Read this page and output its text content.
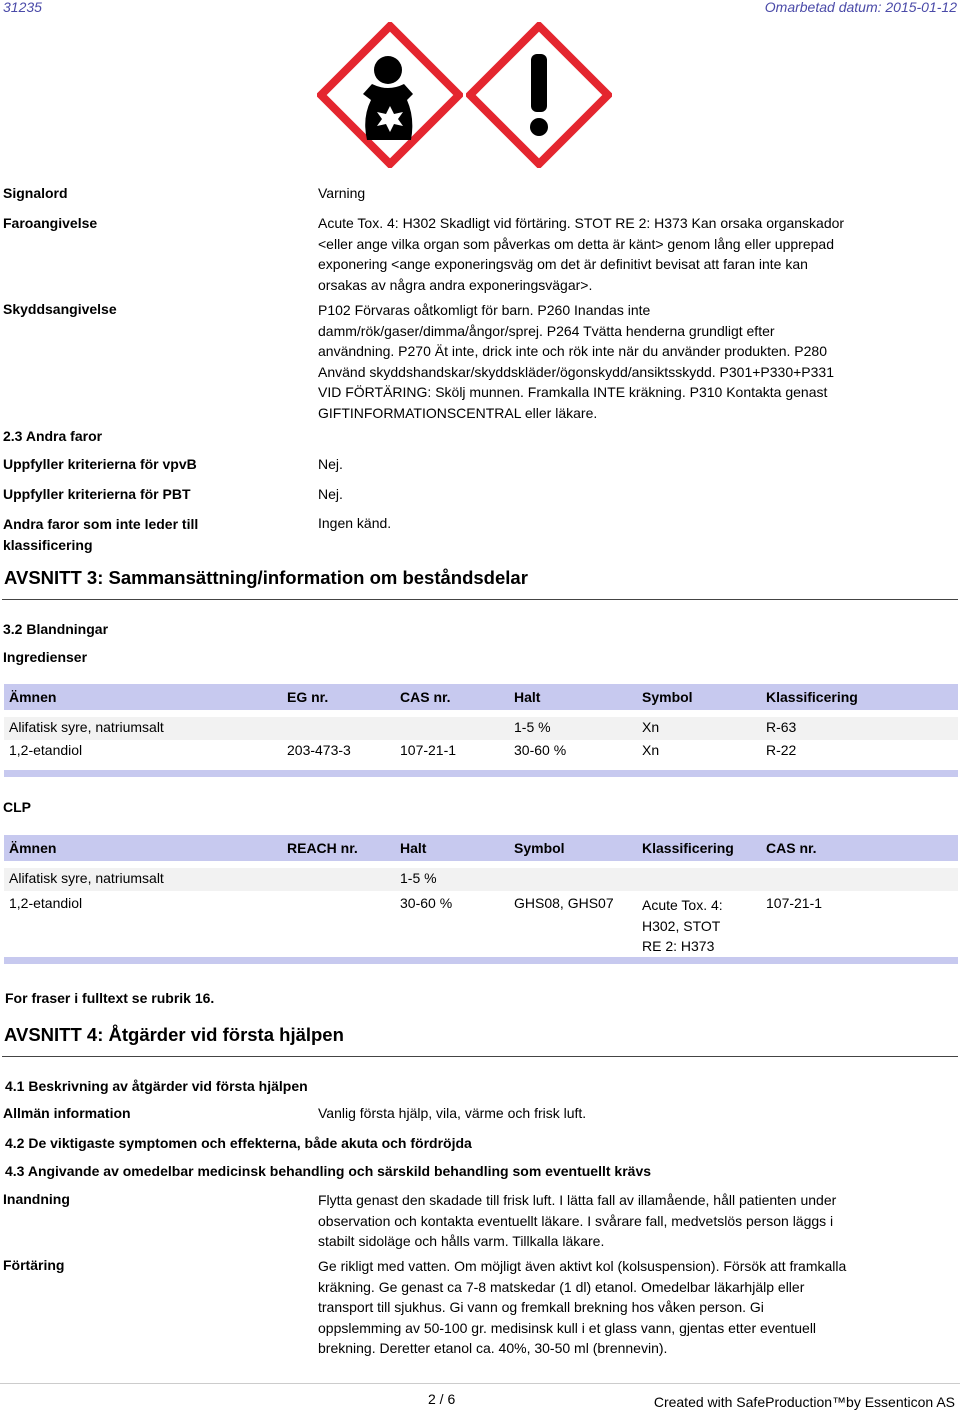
31235	Omarbetad datum: 2015-01-12
Signalord	Varning
Faroangivelse	Acute Tox. 4: H302 Skadligt vid förtäring. STOT RE 2: H373 Kan orsaka organskador
<eller ange vilka organ som påverkas om detta är känt> genom lång eller upprepad
exponering <ange exponeringsväg om det är definitivt bevisat att faran inte kan
orsakas av några andra exponeringsvägar>.
Skyddsangivelse	P102 Förvaras oåtkomligt för barn. P260 Inandas inte
damm/rök/gaser/dimma/ångor/sprej. P264 Tvätta henderna grundligt efter
användning. P270 Ät inte, drick inte och rök inte när du använder produkten. P280
Använd skyddshandskar/skyddskläder/ögonskydd/ansiktsskydd. P301+P330+P331
VID FÖRTÄRING: Skölj munnen. Framkalla INTE kräkning. P310 Kontakta genast
GIFTINFORMATIONSCENTRAL eller läkare.
2.3 Andra faror
Uppfyller kriterierna för vpvB	Nej.
Uppfyller kriterierna för PBT	Nej.
Andra faror som inte leder till
klassificering
Ingen känd.
AVSNITT 3: Sammansättning/information om beståndsdelar
3.2 Blandningar
Ingredienser
Ämnen	EG nr.	CAS nr.	Halt	Symbol	Klassificering

Alifatisk syre, natriumsalt			1-5 %	Xn	R-63
1,2-etandiol	203-473-3	107-21-1	30-60 %	Xn	R-22

CLP
Ämnen	REACH nr.	Halt	Symbol	Klassificering	CAS nr.

Alifatisk syre, natriumsalt		1-5 %			
1,2-etandiol		30-60 %	GHS08, GHS07	Acute Tox. 4:
H302, STOT
RE 2: H373	107-21-1

For fraser i fulltext se rubrik 16.
AVSNITT 4: Åtgärder vid första hjälpen
4.1 Beskrivning av åtgärder vid första hjälpen
Allmän information	Vanlig första hjälp, vila, värme och frisk luft.
4.2 De viktigaste symptomen och effekterna, både akuta och fördröjda
4.3 Angivande av omedelbar medicinsk behandling och särskild behandling som eventuellt krävs
Inandning	Flytta genast den skadade till frisk luft. I lätta fall av illamående, håll patienten under
observation och kontakta eventuellt läkare. I svårare fall, medvetslös person läggs i
stabilt sidoläge och hålls varm. Tillkalla läkare.
Förtäring	Ge rikligt med vatten. Om möjligt även aktivt kol (kolsuspension). Försök att framkalla
kräkning. Ge genast ca 7-8 matskedar (1 dl) etanol. Omedelbar läkarhjälp eller
transport till sjukhus. Gi vann og fremkall brekning hos våken person. Gi
oppslemming av 50-100 gr. medisinsk kull i et glass vann, gjentas etter eventuell
brekning. Deretter etanol ca. 40%, 30-50 ml (brennevin).
2 / 6	Created with SafeProduction™by Essenticon AS
